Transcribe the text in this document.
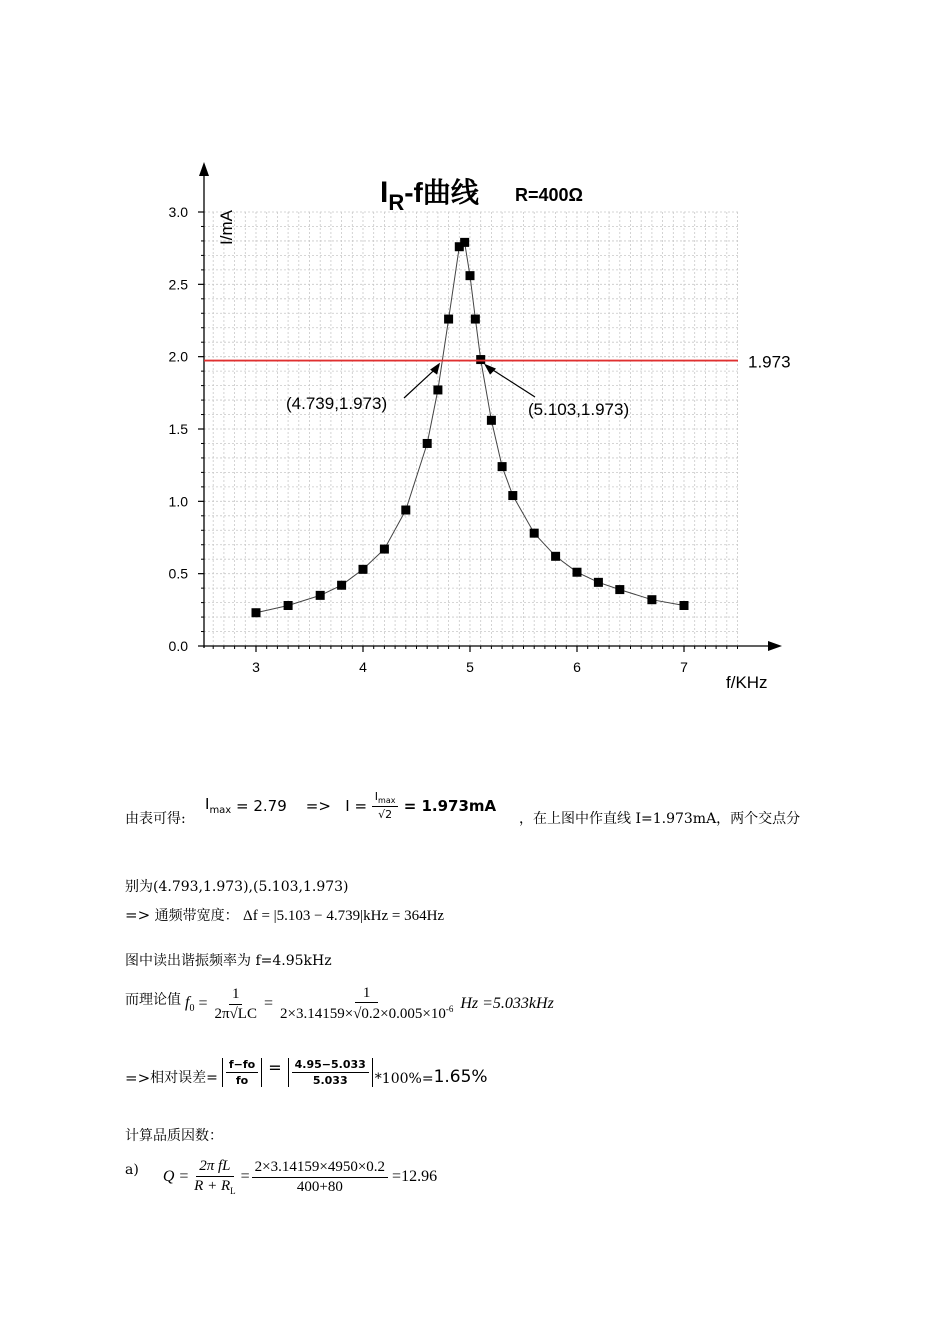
0.0
0.5
1.0
1.5
2.0
2.5
3.0
3	4	5	6	7
1.973
(4.739,1.973)	(5.103,1.973)
IR-f曲线 R=400Ω
I/mA
f/KHz
由表可得:
$I_{max} = 2.79$    =>   $I = \frac{I_{max}}{√2} = 1.973mA$
，在上图中作直线 I=1.973mA，两个交点分
别为(4.793,1.973),(5.103,1.973)
=> 通频带宽度： Δf = |5.103 − 4.739|kHz = 364Hz
图中读出谐振频率为 f=4.95kHz
而理论值 $f_0 = \frac{1}{2\pi√LC} = \frac{1}{2\times 3.14159\times√0.2\times 0.005\times 10^{-6}}$ Hz =5.033kHz
=> 相对误差= $\frac{f-fo}{fo} = \frac{4.95-5.033}{5.033} *100\%= 1.65\%$
计算品质因数：
a) $Q = \frac{\text{2π fL}}{R + R_L} = \frac{2\times 3.14159\times 4950\times 0.2}{400+80} =12.96$
